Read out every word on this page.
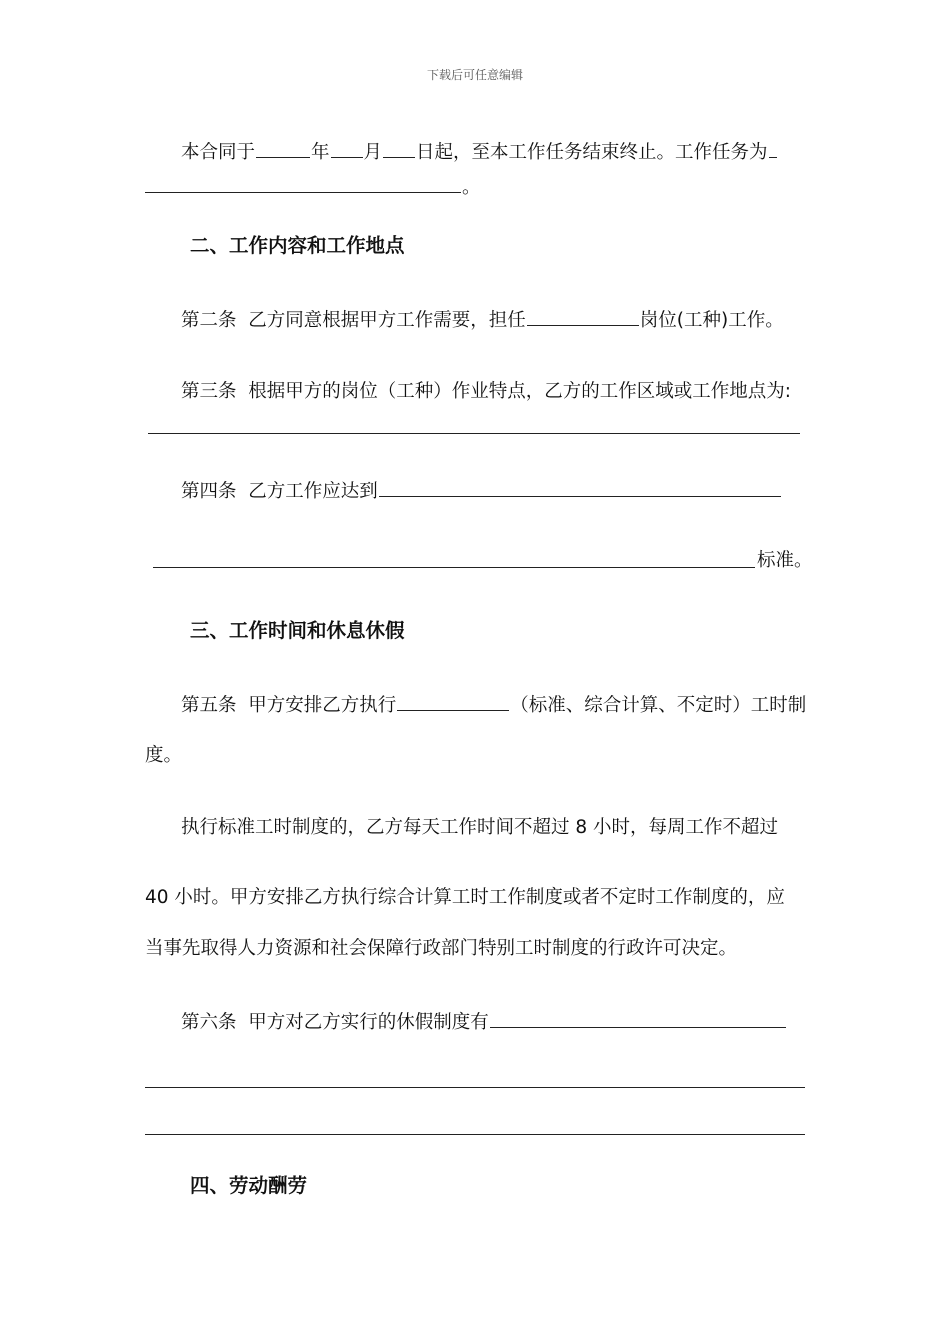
下载后可任意编辑
本合同于	年 月 日起，至本工作任务结束终止。工作任务为
。
二、工作内容和工作地点
第二条 乙方同意根据甲方工作需要，担任	岗位(工种)工作。
第三条 根据甲方的岗位（工种）作业特点，乙方的工作区域或工作地点为:
第四条 乙方工作应达到
标准。
三、工作时间和休息休假
第五条 甲方安排乙方执行	（标准、综合计算、不定时）工时制
度。
执行标准工时制度的，乙方每天工作时间不超过 8 小时，每周工作不超过
40 小时。甲方安排乙方执行综合计算工时工作制度或者不定时工作制度的，应
当事先取得人力资源和社会保障行政部门特别工时制度的行政许可决定。
第六条 甲方对乙方实行的休假制度有
四、劳动酬劳
